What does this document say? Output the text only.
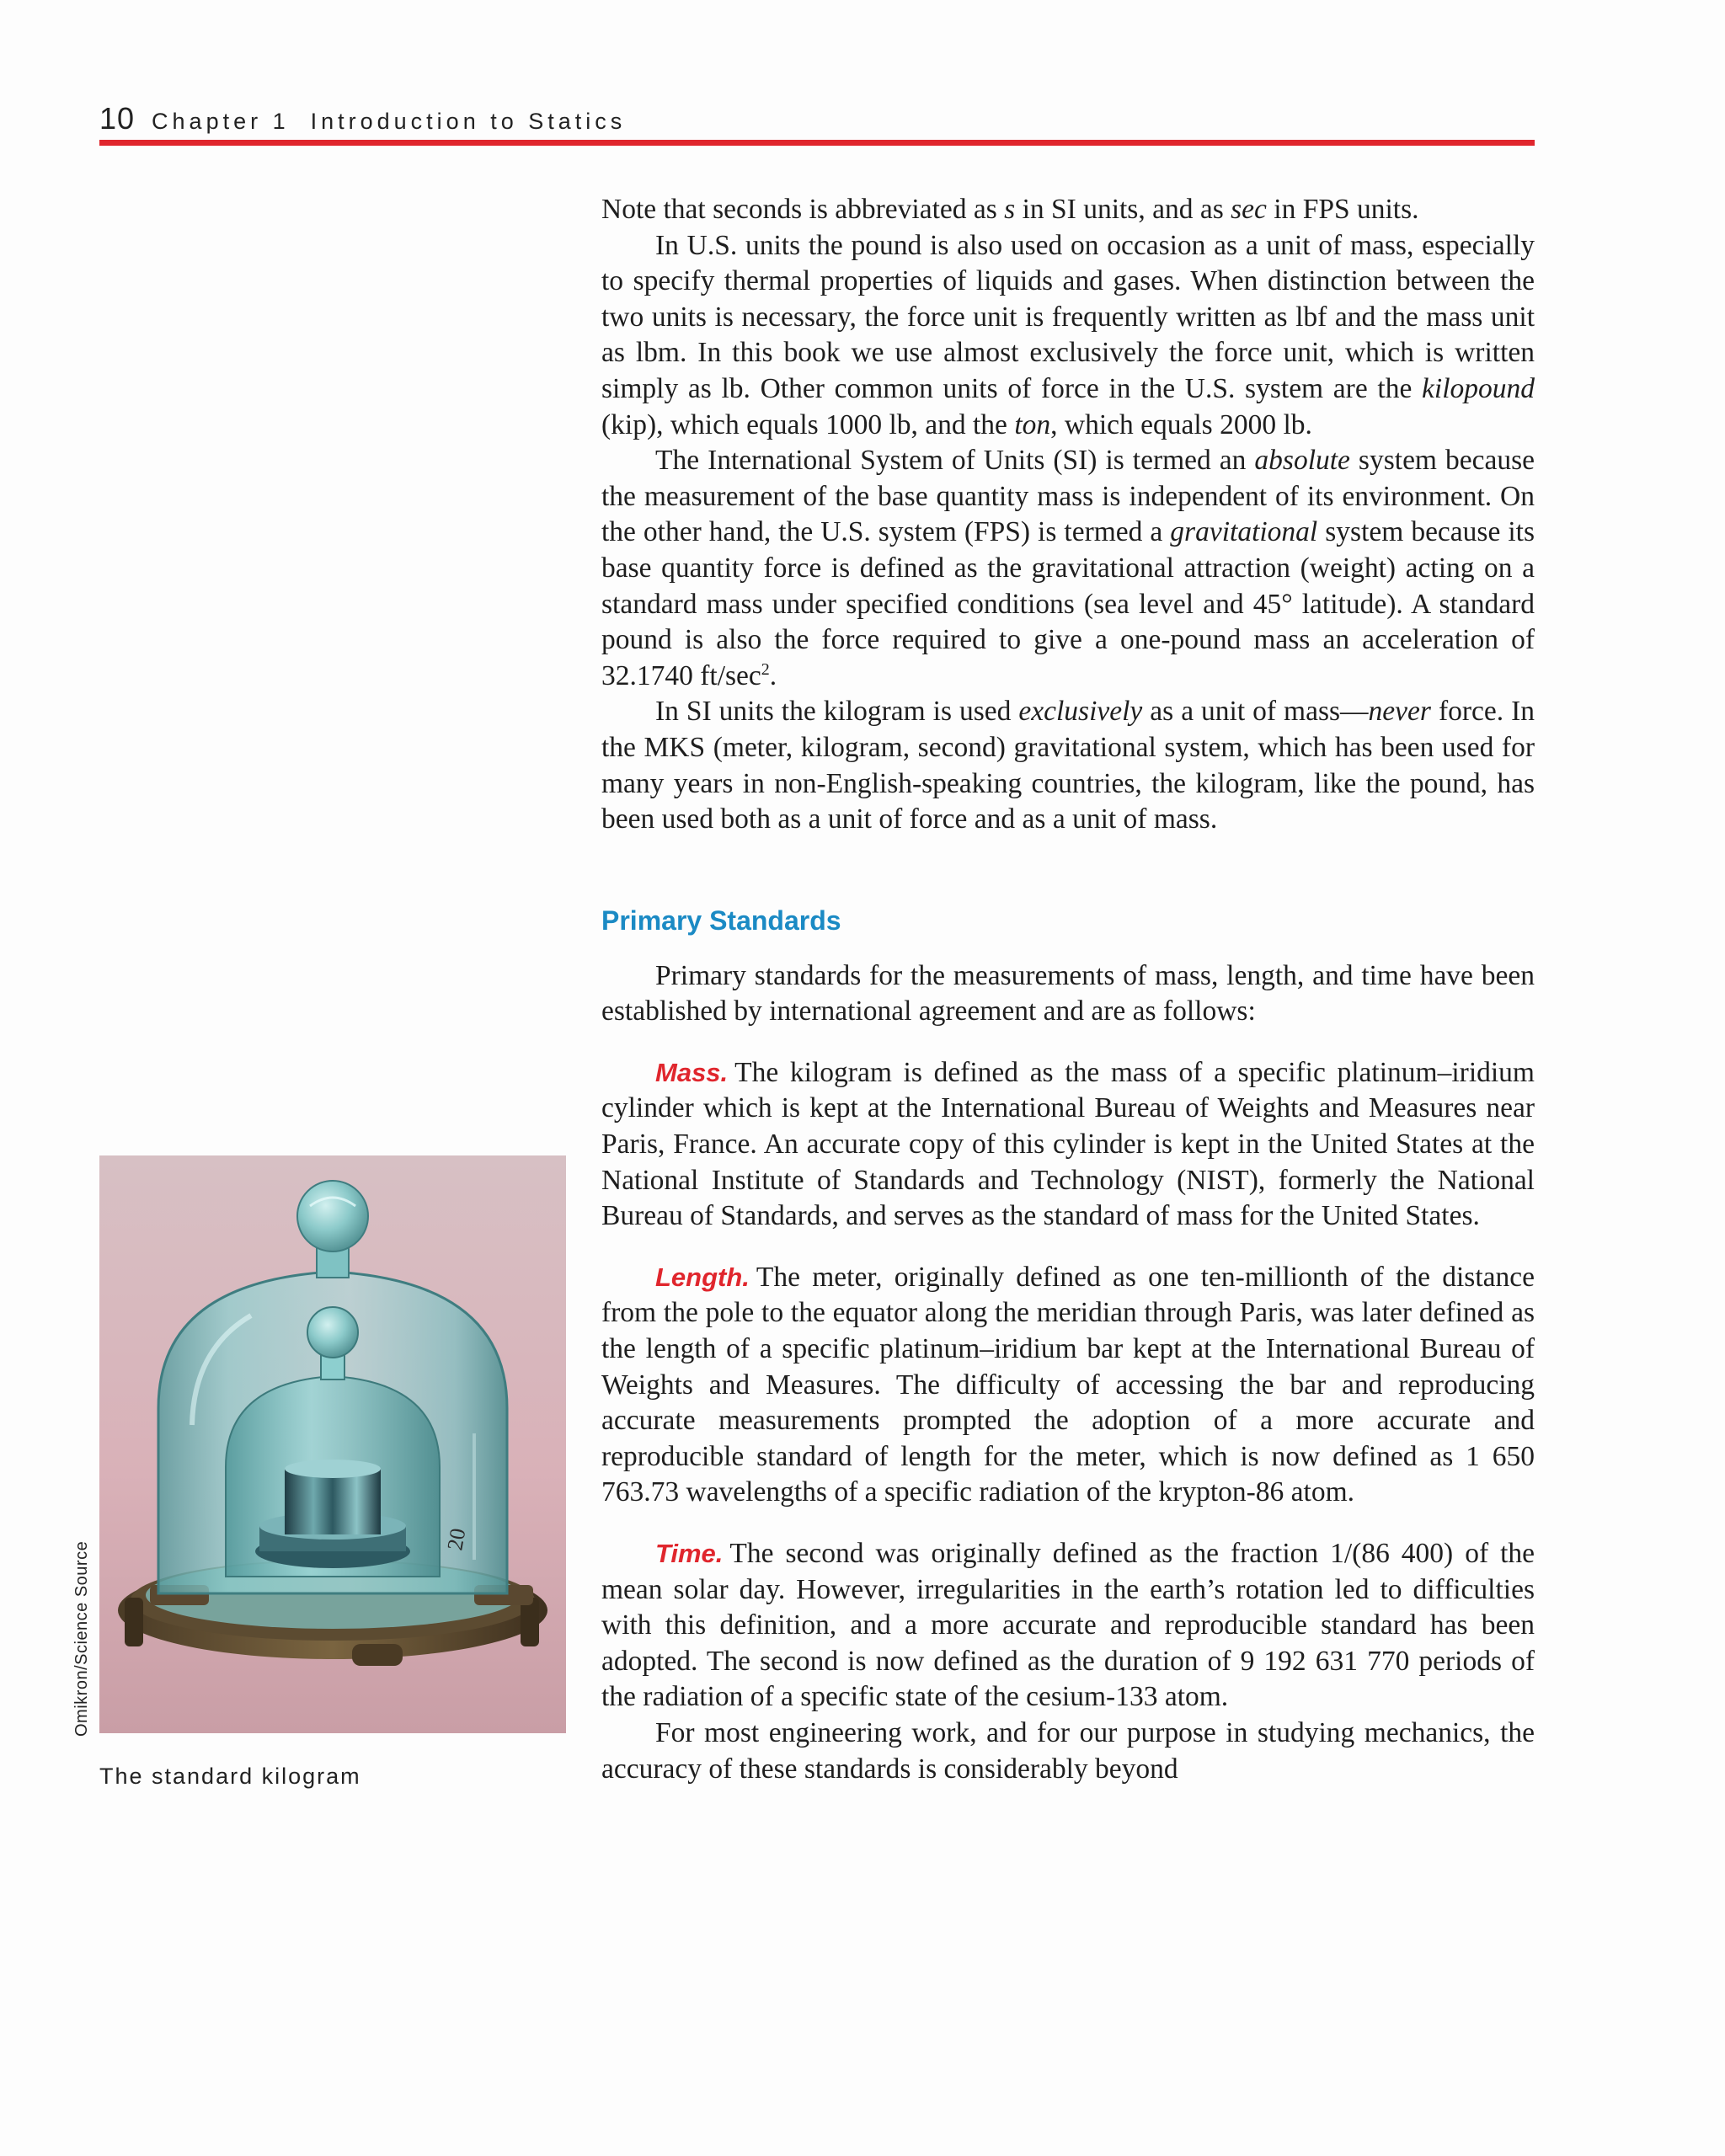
10 Chapter 1  Introduction to Statics

Note that seconds is abbreviated as s in SI units, and as sec in FPS units.

In U.S. units the pound is also used on occasion as a unit of mass, especially to specify thermal properties of liquids and gases. When distinction between the two units is necessary, the force unit is frequently written as lbf and the mass unit as lbm. In this book we use almost exclusively the force unit, which is written simply as lb. Other common units of force in the U.S. system are the kilopound (kip), which equals 1000 lb, and the ton, which equals 2000 lb.

The International System of Units (SI) is termed an absolute system because the measurement of the base quantity mass is independent of its environment. On the other hand, the U.S. system (FPS) is termed a gravitational system because its base quantity force is defined as the gravitational attraction (weight) acting on a standard mass under specified conditions (sea level and 45° latitude). A standard pound is also the force required to give a one-pound mass an acceleration of 32.1740 $ft/\sec^2$.

In SI units the kilogram is used exclusively as a unit of mass—never force. In the MKS (meter, kilogram, second) gravitational system, which has been used for many years in non-English-speaking countries, the kilogram, like the pound, has been used both as a unit of force and as a unit of mass.

Primary Standards

Primary standards for the measurements of mass, length, and time have been established by international agreement and are as follows:

Mass. The kilogram is defined as the mass of a specific platinum–iridium cylinder which is kept at the International Bureau of Weights and Measures near Paris, France. An accurate copy of this cylinder is kept in the United States at the National Institute of Standards and Technology (NIST), formerly the National Bureau of Standards, and serves as the standard of mass for the United States.

Length. The meter, originally defined as one ten-millionth of the distance from the pole to the equator along the meridian through Paris, was later defined as the length of a specific platinum–iridium bar kept at the International Bureau of Weights and Measures. The difficulty of accessing the bar and reproducing accurate measurements prompted the adoption of a more accurate and reproducible standard of length for the meter, which is now defined as 1 650 763.73 wavelengths of a specific radiation of the krypton-86 atom.

Time. The second was originally defined as the fraction 1/(86 400) of the mean solar day. However, irregularities in the earth’s rotation led to difficulties with this definition, and a more accurate and reproducible standard has been adopted. The second is now defined as the duration of 9 192 631 770 periods of the radiation of a specific state of the cesium-133 atom.

For most engineering work, and for our purpose in studying mechanics, the accuracy of these standards is considerably beyond

Omikron/Science Source
20
The standard kilogram
